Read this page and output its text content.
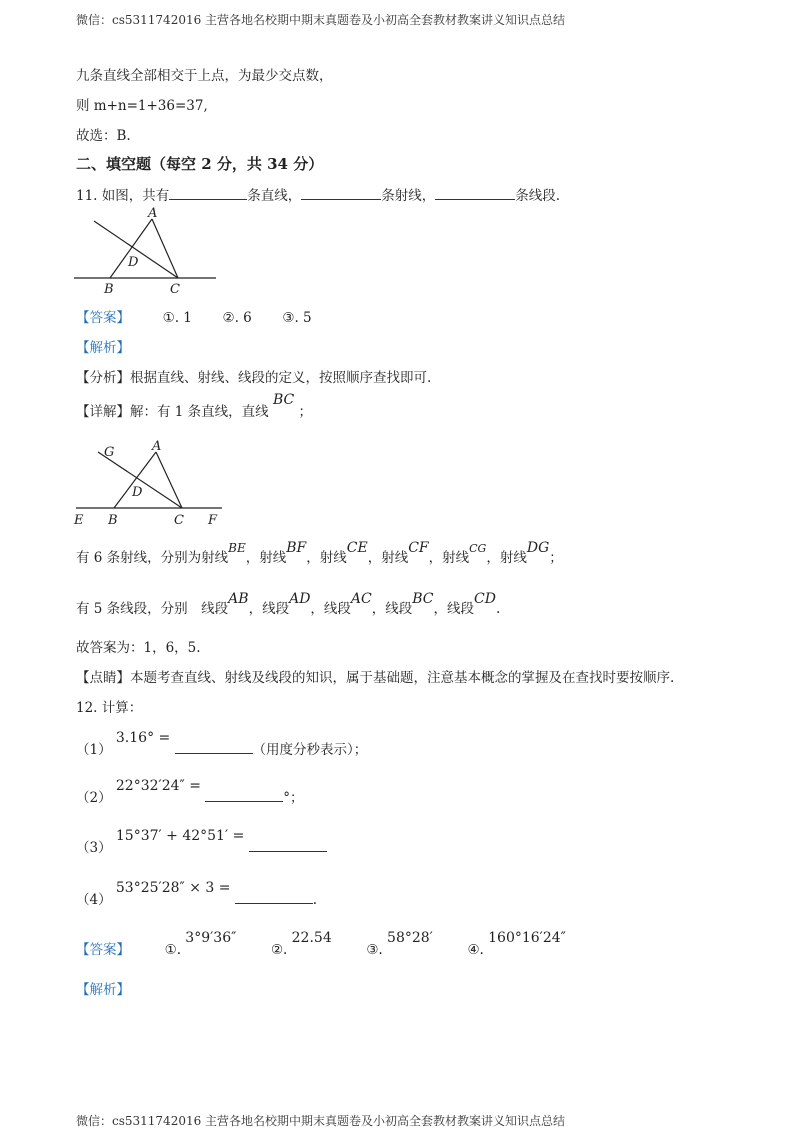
微信：cs5311742016 主营各地名校期中期末真题卷及小初高全套教材教案讲义知识点总结
九条直线全部相交于上点，为最少交点数，
则 m+n=1+36=37,
故选：B.
二、填空题（每空 2 分，共 34 分）
11. 如图，共有	条直线，	条射线，	条线段.
A
D
B	C
【答案】 ①. 1 ②. 6 ③. 5
【解析】
【分析】根据直线、射线、线段的定义，按照顺序查找即可.
【详解】解：有 1 条直线，直线 BC ；
G	A
D
E B	C F
有 6 条射线，分别为射线BE，射线BF，射线CE，射线CF，射线$^{CG}$，射线DG；
有 5 条线段，分别　线段AB，线段AD，线段AC，线段BC，线段CD.
故答案为：1，6，5.
【点睛】本题考查直线、射线及线段的知识，属于基础题，注意基本概念的掌握及在查找时要按顺序.
12. 计算：
（1） 3.16° = （用度分秒表示）；
（2） 22°32′24″ = °；
（3） 15°37′ + 42°51′ =
（4） 53°25′28″ × 3 = .
【答案】	①. 3°9′36″  ②. 22.54  ③. 58°28′  ④. 160°16′24″
【解析】
微信：cs5311742016 主营各地名校期中期末真题卷及小初高全套教材教案讲义知识点总结
